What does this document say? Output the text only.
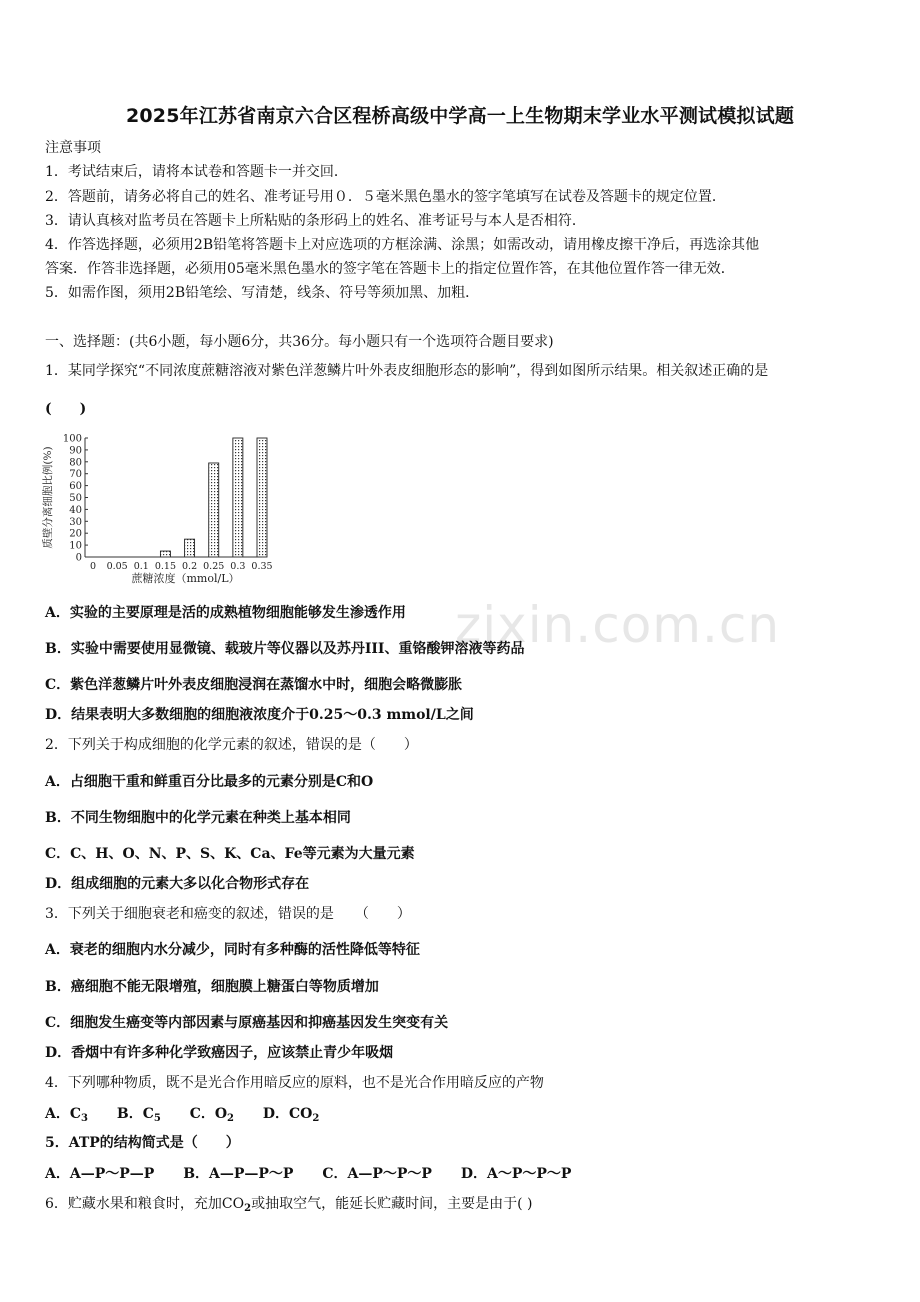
zixin.com.cn
2025年江苏省南京六合区程桥高级中学高一上生物期末学业水平测试模拟试题
注意事项
1．考试结束后，请将本试卷和答题卡一并交回．
2．答题前，请务必将自己的姓名、准考证号用０．５毫米黑色墨水的签字笔填写在试卷及答题卡的规定位置．
3．请认真核对监考员在答题卡上所粘贴的条形码上的姓名、准考证号与本人是否相符．
4．作答选择题，必须用2B铅笔将答题卡上对应选项的方框涂满、涂黑；如需改动，请用橡皮擦干净后，再选涂其他
答案．作答非选择题，必须用05毫米黑色墨水的签字笔在答题卡上的指定位置作答，在其他位置作答一律无效．
5．如需作图，须用2B铅笔绘、写清楚，线条、符号等须加黑、加粗．
一、选择题：(共6小题，每小题6分，共36分。每小题只有一个选项符合题目要求)
1．某同学探究“不同浓度蔗糖溶液对紫色洋葱鳞片叶外表皮细胞形态的影响”，得到如图所示结果。相关叙述正确的是
(　　)
质壁分离细胞比例(%)
0
10
20
30
40
50
60
70
80
90
100
0 0.05 0.1 0.15 0.2 0.25 0.3 0.35
蔗糖浓度（mmol/L）
A．实验的主要原理是活的成熟植物细胞能够发生渗透作用
B．实验中需要使用显微镜、载玻片等仪器以及苏丹III、重铬酸钾溶液等药品
C．紫色洋葱鳞片叶外表皮细胞浸润在蒸馏水中时，细胞会略微膨胀
D．结果表明大多数细胞的细胞液浓度介于0.25～0.3 mmol/L之间
2．下列关于构成细胞的化学元素的叙述，错误的是（　　）
A．占细胞干重和鲜重百分比最多的元素分别是C和O
B．不同生物细胞中的化学元素在种类上基本相同
C．C、H、O、N、P、S、K、Ca、Fe等元素为大量元素
D．组成细胞的元素大多以化合物形式存在
3．下列关于细胞衰老和癌变的叙述，错误的是　　（　　）
A．衰老的细胞内水分减少，同时有多种酶的活性降低等特征
B．癌细胞不能无限增殖，细胞膜上糖蛋白等物质增加
C．细胞发生癌变等内部因素与原癌基因和抑癌基因发生突变有关
D．香烟中有许多种化学致癌因子，应该禁止青少年吸烟
4．下列哪种物质，既不是光合作用暗反应的原料，也不是光合作用暗反应的产物
A．$C_3$ B．$C_5$ C．$O_2$ D．$CO_2$
5．ATP的结构简式是（　　）
A．A—P～P—P B．A—P—P～P C．A—P～P～P D．A～P～P～P
6．贮藏水果和粮食时，充加$CO_2$或抽取空气，能延长贮藏时间，主要是由于( )
